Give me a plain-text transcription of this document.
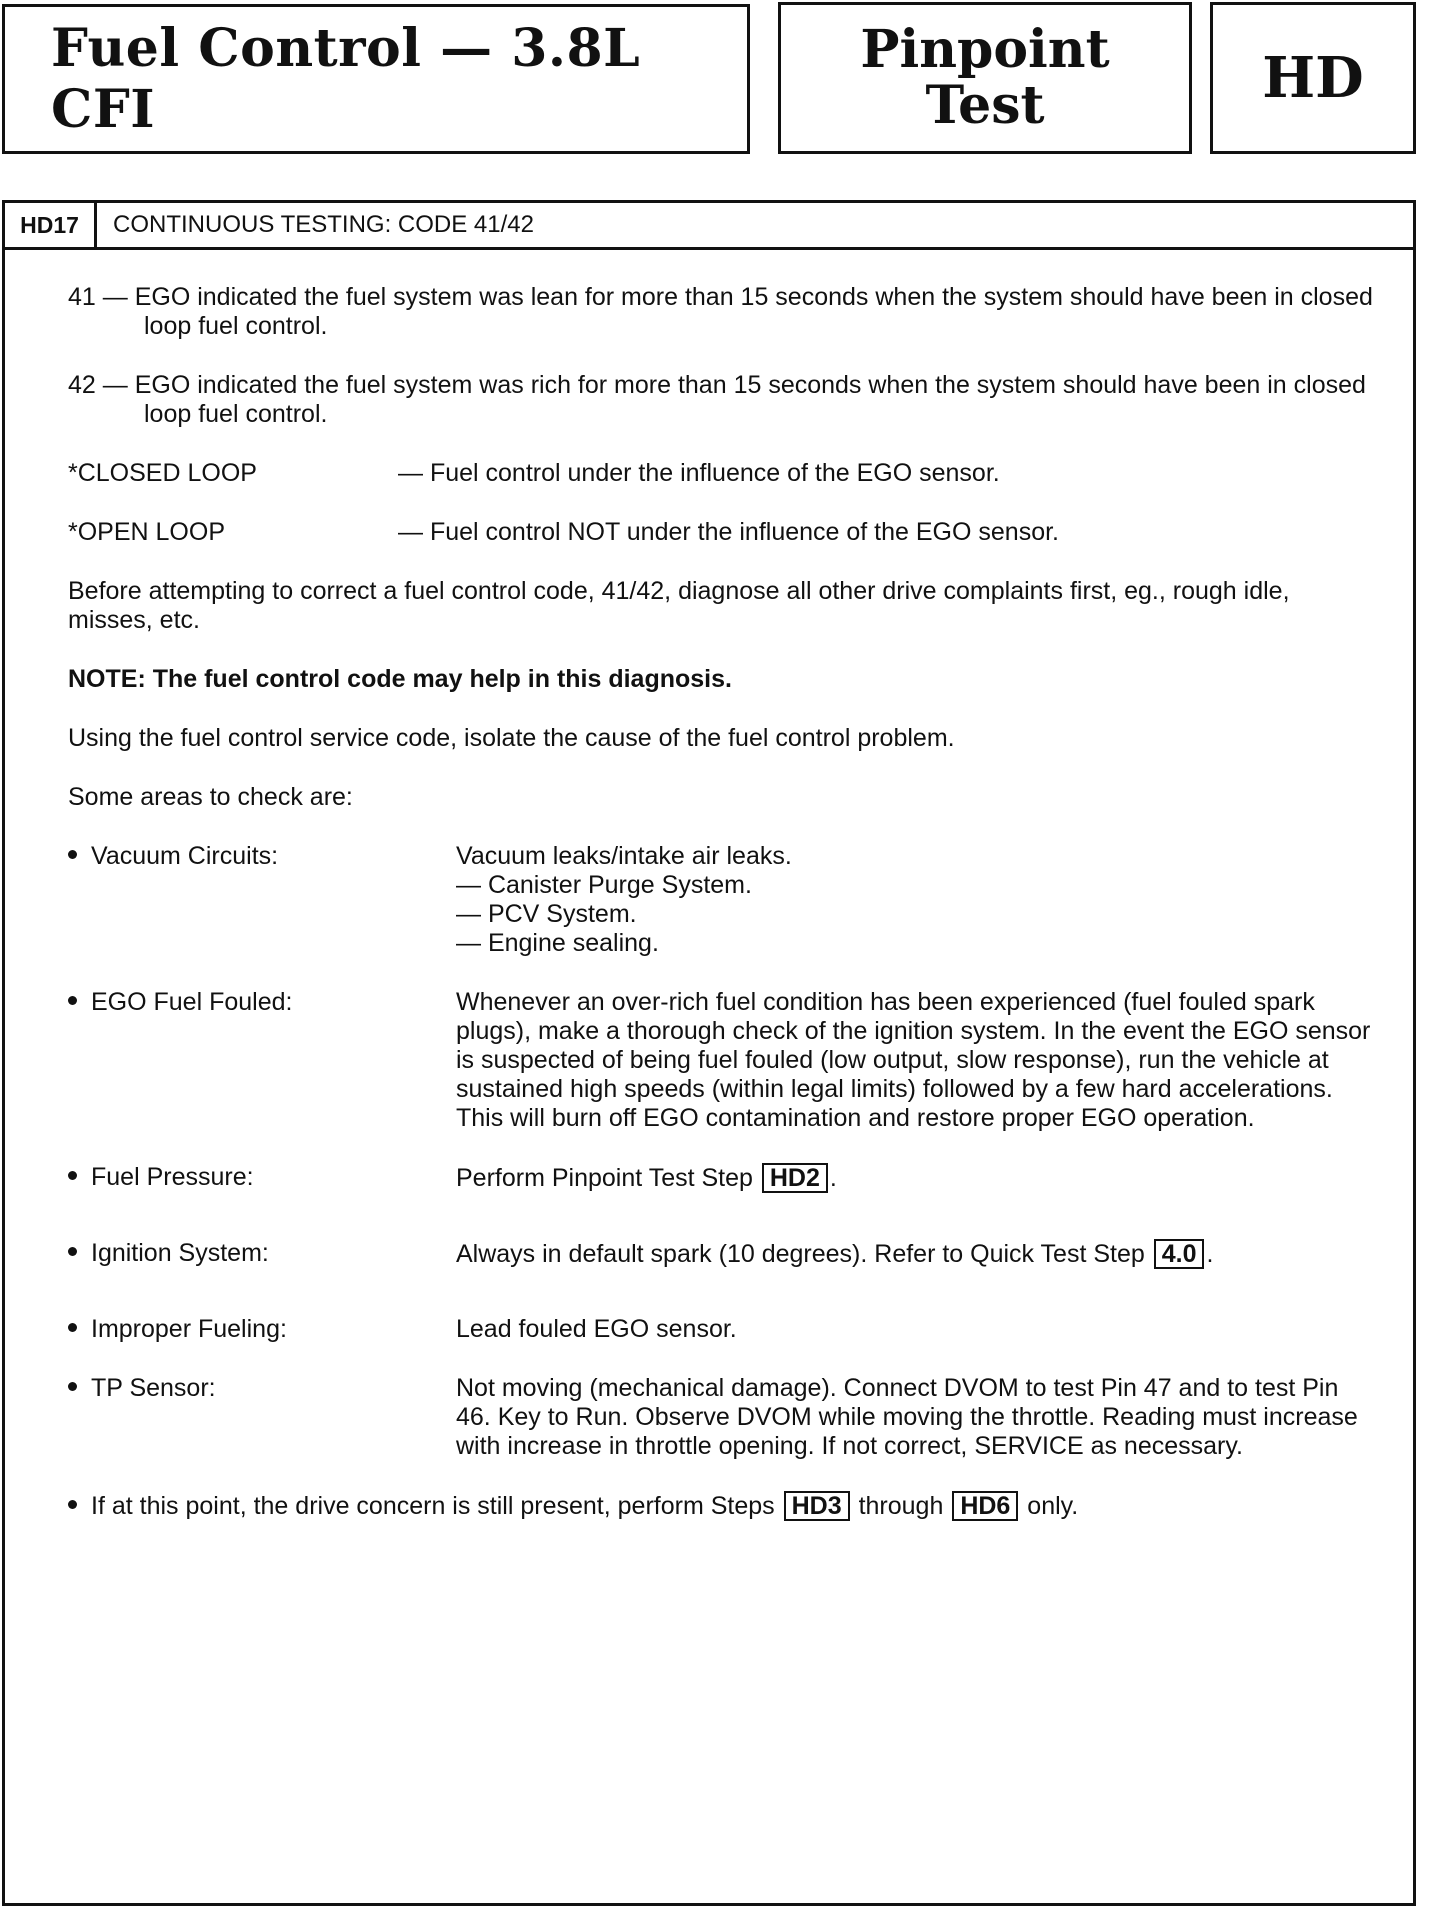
Fuel Control — 3.8L CFI
Pinpoint
Test	HD
HD17	CONTINUOUS TESTING: CODE 41/42

41 — EGO indicated the fuel system was lean for more than 15 seconds when the system should have been in closed loop fuel control.

42 — EGO indicated the fuel system was rich for more than 15 seconds when the system should have been in closed loop fuel control.

*CLOSED LOOP	— Fuel control under the influence of the EGO sensor.
*OPEN LOOP	— Fuel control NOT under the influence of the EGO sensor.

Before attempting to correct a fuel control code, 41/42, diagnose all other drive complaints first, eg., rough idle, misses, etc.

NOTE: The fuel control code may help in this diagnosis.

Using the fuel control service code, isolate the cause of the fuel control problem.

Some areas to check are:

Vacuum Circuits:	Vacuum leaks/intake air leaks.
— Canister Purge System.
— PCV System.
— Engine sealing.
EGO Fuel Fouled:	Whenever an over-rich fuel condition has been experienced (fuel fouled spark plugs), make a thorough check of the ignition system. In the event the EGO sensor is suspected of being fuel fouled (low output, slow response), run the vehicle at sustained high speeds (within legal limits) followed by a few hard accelerations. This will burn off EGO contamination and restore proper EGO operation.
Fuel Pressure:	Perform Pinpoint Test Step HD2 .
Ignition System:	Always in default spark (10 degrees). Refer to Quick Test Step 4.0 .
Improper Fueling:	Lead fouled EGO sensor.
TP Sensor:	Not moving (mechanical damage). Connect DVOM to test Pin 47 and to test Pin 46. Key to Run. Observe DVOM while moving the throttle. Reading must increase with increase in throttle opening. If not correct, SERVICE as necessary.
If at this point, the drive concern is still present, perform Steps HD3 through HD6 only.
